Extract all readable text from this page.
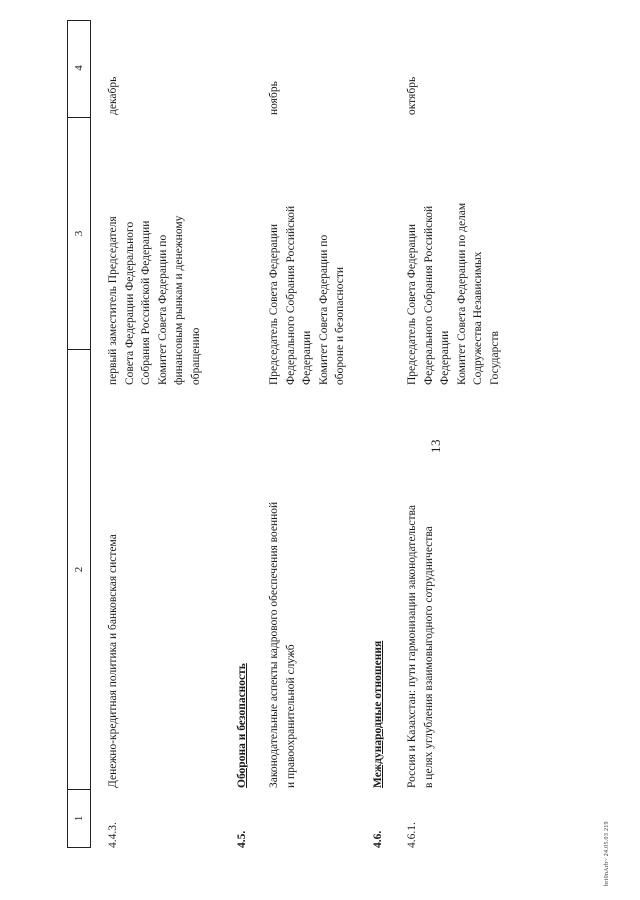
13
1
2
3
4
4.4.3.
Денежно-кредитная политика и банковская система
первый заместитель Председателя Совета Федерации Федерального Собрания Российской Федерации Комитет Совета Федерации по финансовым рынкам и денежному обращению
декабрь
4.5.
Оборона и безопасность Законодательные аспекты кадрового обеспечения военной и правоохранительной служб
Председатель Совета Федерации Федерального Собрания Российской Федерации Комитет Совета Федерации по обороне и безопасности
ноябрь
4.6.
Международные отношения
4.6.1.
Россия и Казахстан: пути гармонизации законодательства в целях углубления взаимовыгодного сотрудничества
Председатель Совета Федерации Федерального Собрания Российской Федерации Комитет Совета Федерации по делам Содружества Независимых Государств
октябрь
bri0nArb~ 24.05.03 219
